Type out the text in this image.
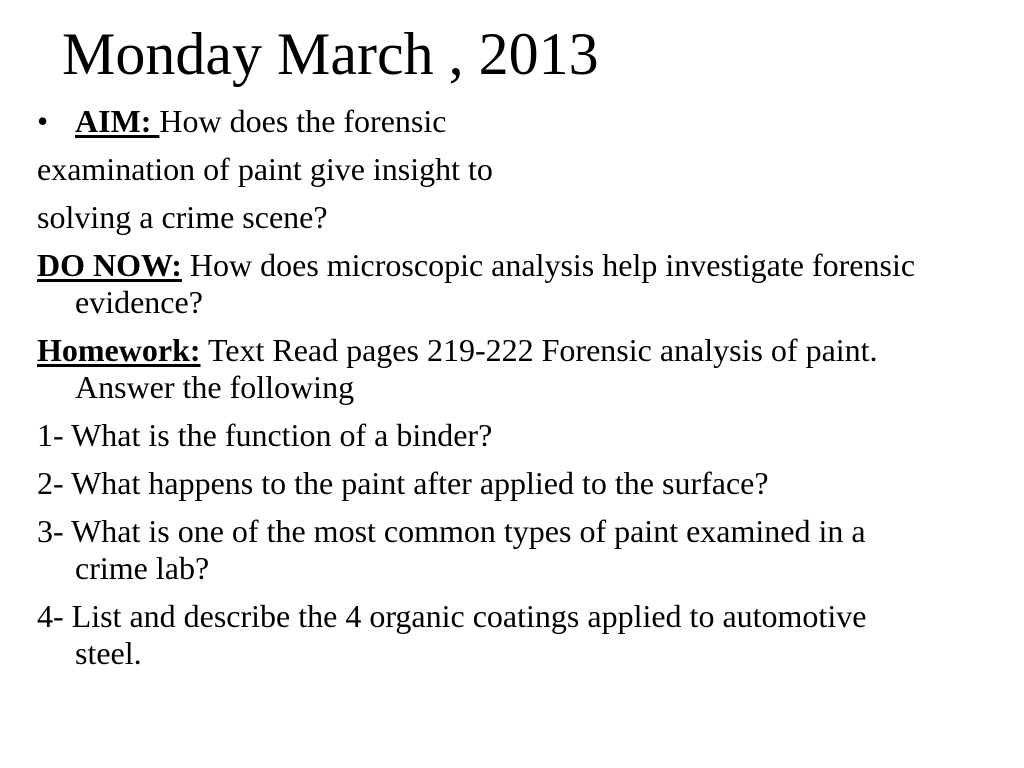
Monday March , 2013
• AIM: How does the forensic
examination of paint give insight to
solving a crime scene?
DO NOW: How does microscopic analysis help investigate forensic evidence?
Homework: Text Read pages 219-222 Forensic analysis of paint. Answer the following
1- What is the function of a binder?
2- What happens to the paint after applied to the surface?
3- What is one of the most common types of paint examined in a crime lab?
4- List and describe the 4 organic coatings applied to automotive steel.
